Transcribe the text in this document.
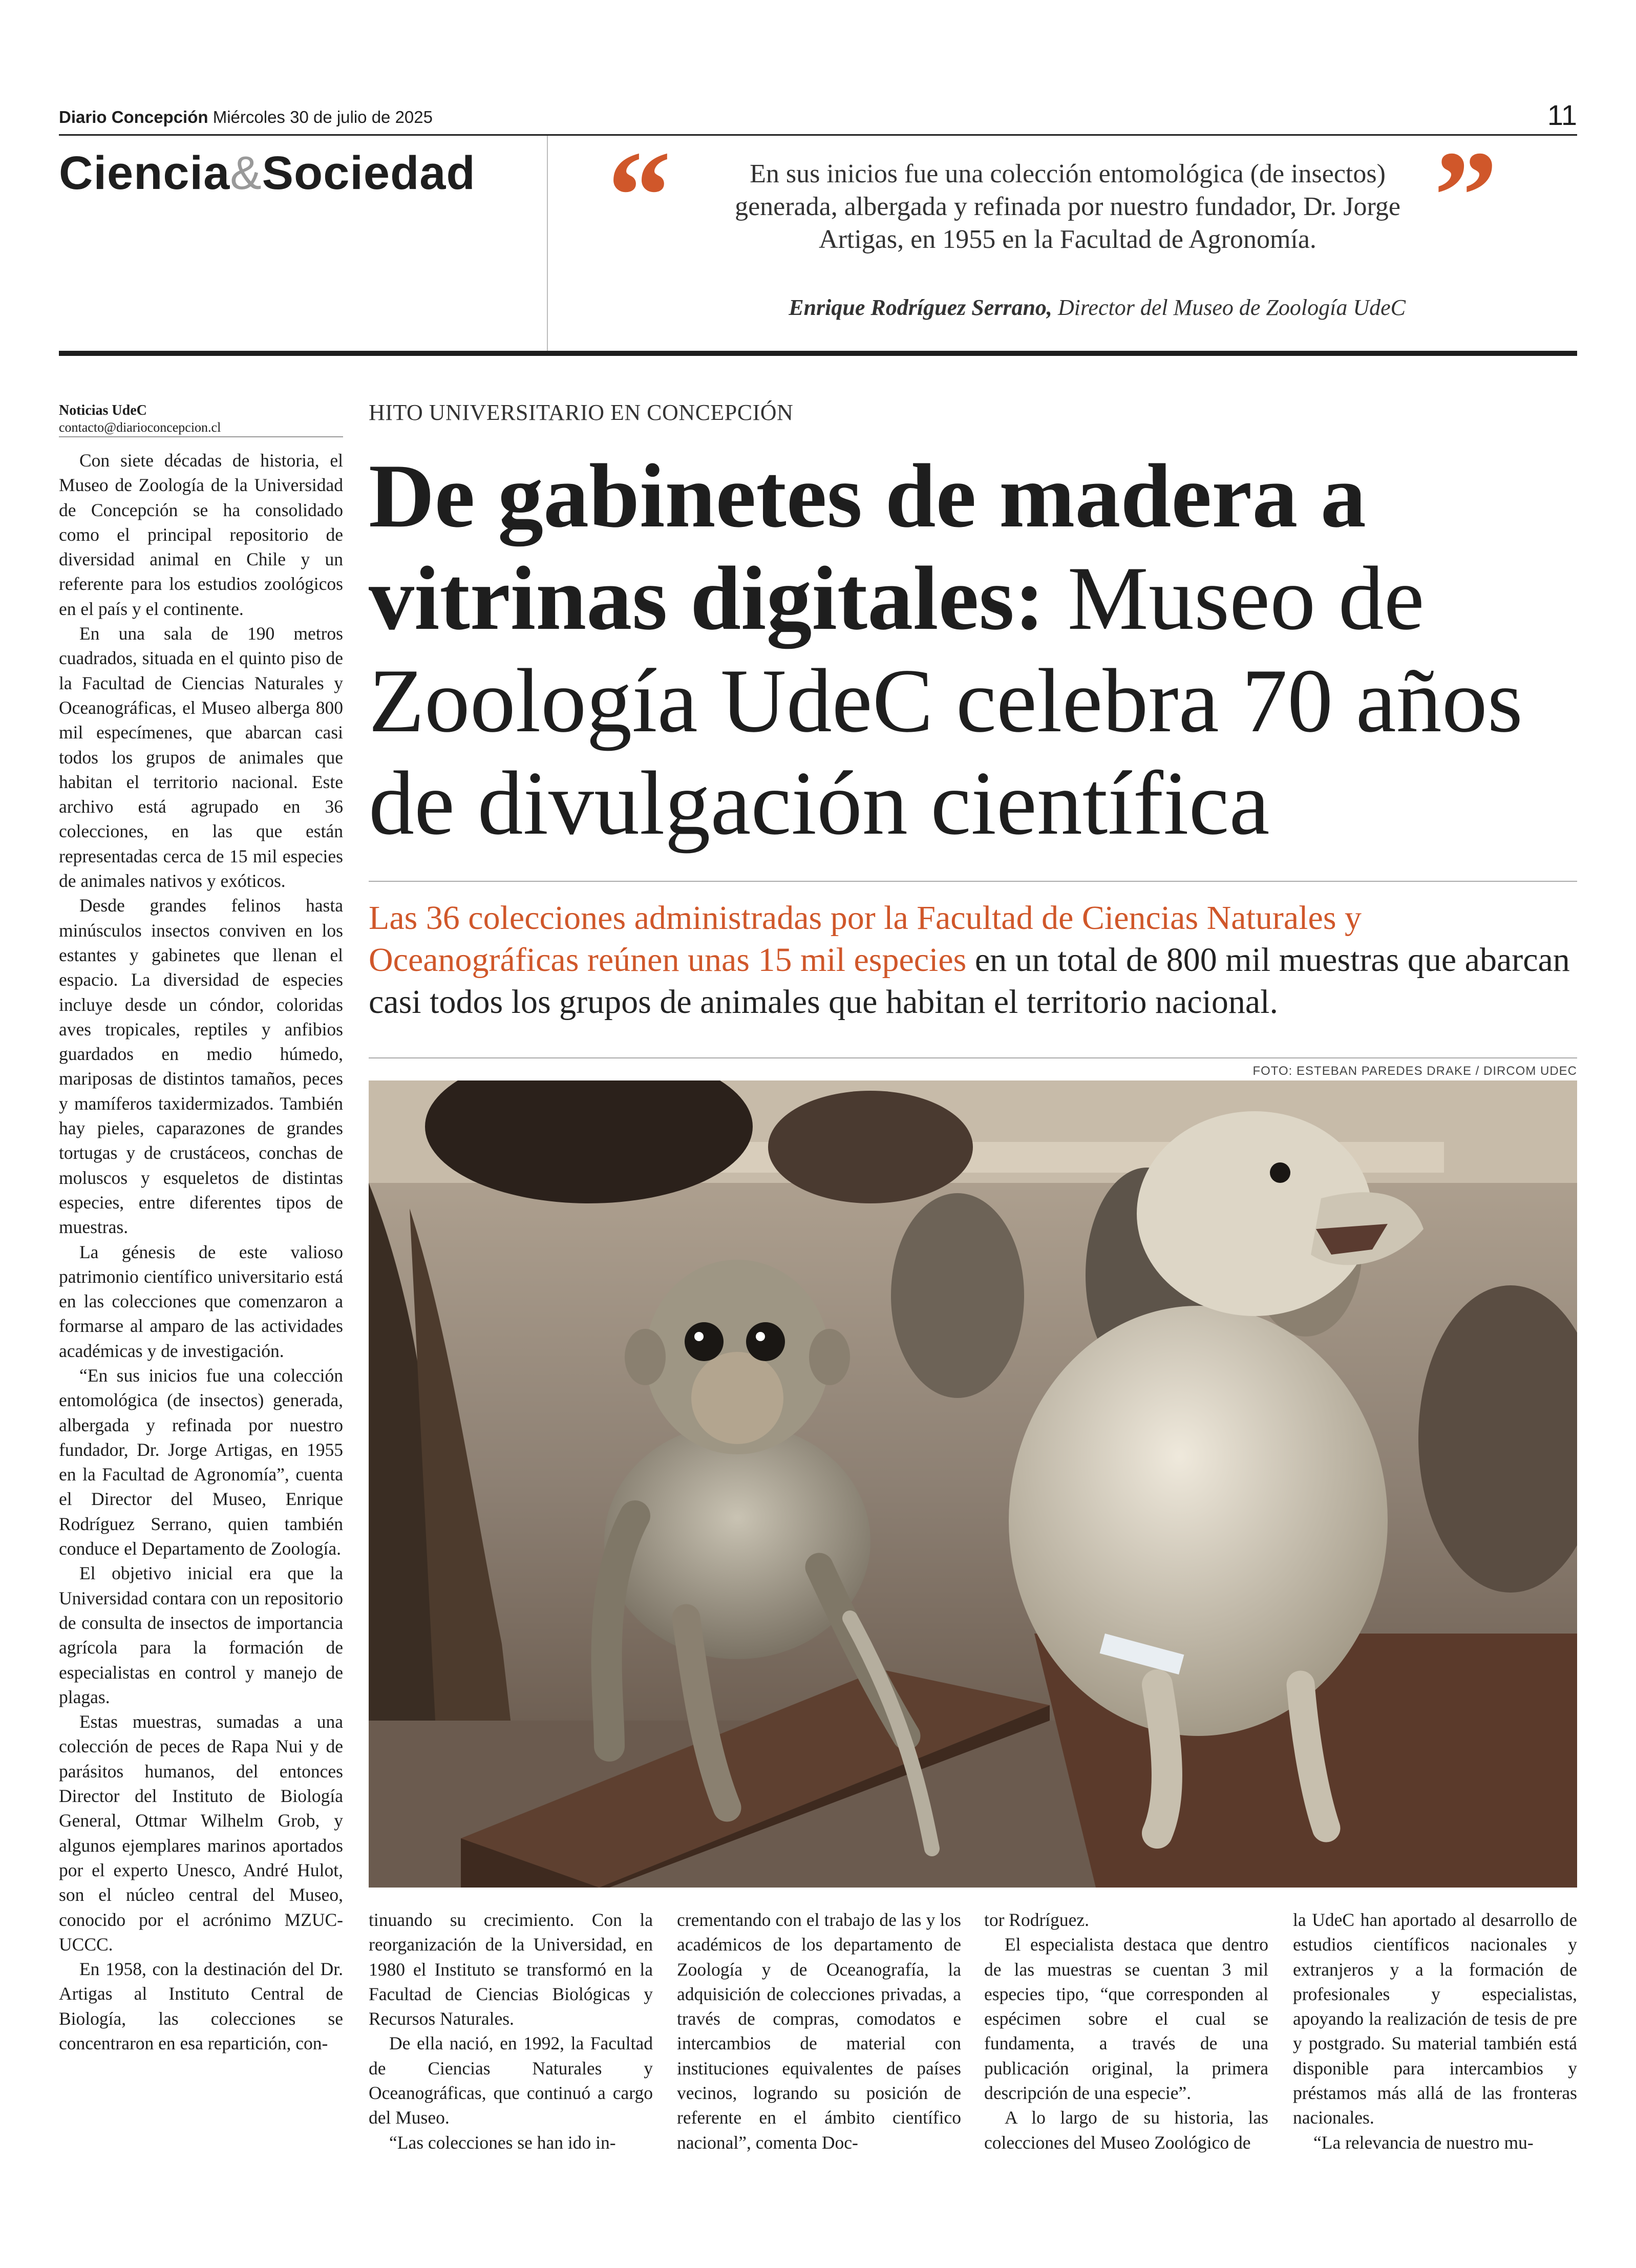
Diario Concepción Miércoles 30 de julio de 2025	11
Ciencia&Sociedad “	En sus inicios fue una colección entomológica (de insectos) generada, albergada y refinada por nuestro fundador, Dr. Jorge Artigas, en 1955 en la Facultad de Agronomía. ”
Enrique Rodríguez Serrano, Director del Museo de Zoología UdeC
Noticias UdeC
contacto@diarioconcepcion.cl

Con siete décadas de historia, el Museo de Zoología de la Universidad de Concepción se ha consolidado como el principal repositorio de diversidad animal en Chile y un referente para los estudios zoológicos en el país y el continente.

En una sala de 190 metros cuadrados, situada en el quinto piso de la Facultad de Ciencias Naturales y Oceanográficas, el Museo alberga 800 mil especímenes, que abarcan casi todos los grupos de animales que habitan el territorio nacional. Este archivo está agrupado en 36 colecciones, en las que están representadas cerca de 15 mil especies de animales nativos y exóticos.

Desde grandes felinos hasta minúsculos insectos conviven en los estantes y gabinetes que llenan el espacio. La diversidad de especies incluye desde un cóndor, coloridas aves tropicales, reptiles y anfibios guardados en medio húmedo, mariposas de distintos tamaños, peces y mamíferos taxidermizados. También hay pieles, caparazones de grandes tortugas y de crustáceos, conchas de moluscos y esqueletos de distintas especies, entre diferentes tipos de muestras.

La génesis de este valioso patrimonio científico universitario está en las colecciones que comenzaron a formarse al amparo de las actividades académicas y de investigación.

“En sus inicios fue una colección entomológica (de insectos) generada, albergada y refinada por nuestro fundador, Dr. Jorge Artigas, en 1955 en la Facultad de Agronomía”, cuenta el Director del Museo, Enrique Rodríguez Serrano, quien también conduce el Departamento de Zoología.

El objetivo inicial era que la Universidad contara con un repositorio de consulta de insectos de importancia agrícola para la formación de especialistas en control y manejo de plagas.

Estas muestras, sumadas a una colección de peces de Rapa Nui y de parásitos humanos, del entonces Director del Instituto de Biología General, Ottmar Wilhelm Grob, y algunos ejemplares marinos aportados por el experto Unesco, André Hulot, son el núcleo central del Museo, conocido por el acrónimo MZUC-UCCC.

En 1958, con la destinación del Dr. Artigas al Instituto Central de Biología, las colecciones se concentraron en esa repartición, con-

HITO UNIVERSITARIO EN CONCEPCIÓN
De gabinetes de madera a vitrinas digitales: Museo de Zoología UdeC celebra 70 años de divulgación científica
Las 36 colecciones administradas por la Facultad de Ciencias Naturales y Oceanográficas reúnen unas 15 mil especies en un total de 800 mil muestras que abarcan casi todos los grupos de animales que habitan el territorio nacional.
FOTO: ESTEBAN PAREDES DRAKE / DIRCOM UDEC

tinuando su crecimiento. Con la reorganización de la Universidad, en 1980 el Instituto se transformó en la Facultad de Ciencias Biológicas y Recursos Naturales.

De ella nació, en 1992, la Facultad de Ciencias Naturales y Oceanográficas, que continuó a cargo del Museo.

“Las colecciones se han ido in-

crementando con el trabajo de las y los académicos de los departamento de Zoología y de Oceanografía, la adquisición de colecciones privadas, a través de compras, comodatos e intercambios de material con instituciones equivalentes de países vecinos, logrando su posición de referente en el ámbito científico nacional”, comenta Doc-

tor Rodríguez.

El especialista destaca que dentro de las muestras se cuentan 3 mil especies tipo, “que corresponden al espécimen sobre el cual se fundamenta, a través de una publicación original, la primera descripción de una especie”.

A lo largo de su historia, las colecciones del Museo Zoológico de

la UdeC han aportado al desarrollo de estudios científicos nacionales y extranjeros y a la formación de profesionales y especialistas, apoyando la realización de tesis de pre y postgrado. Su material también está disponible para intercambios y préstamos más allá de las fronteras nacionales.

“La relevancia de nuestro mu-
